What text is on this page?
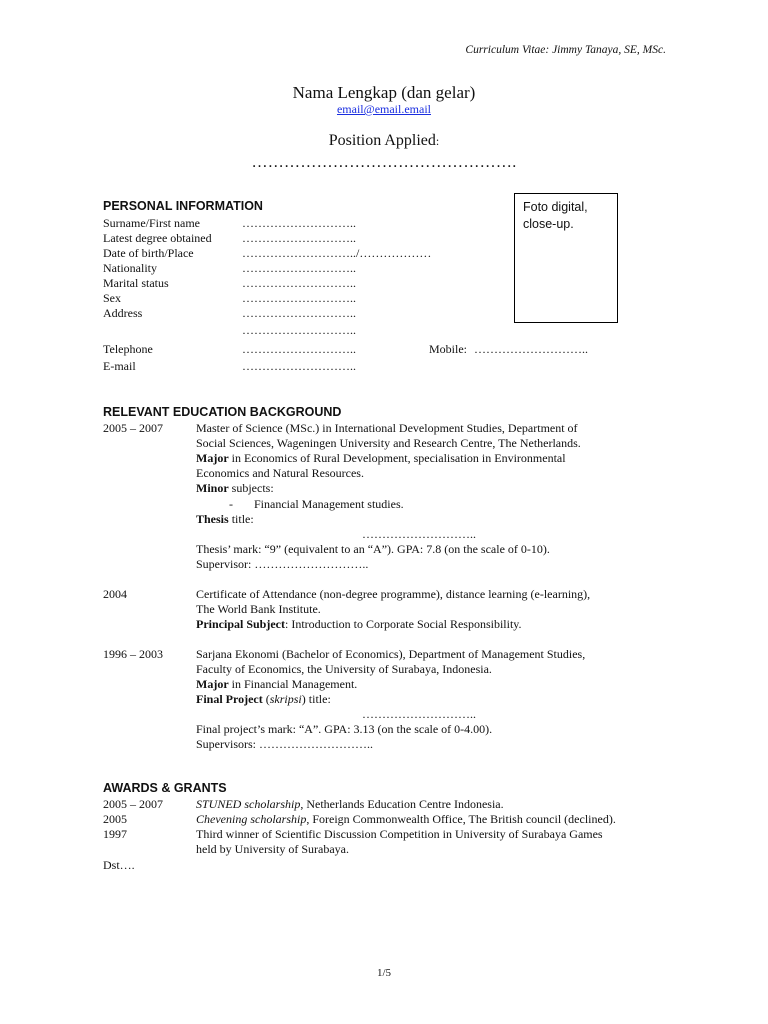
Curriculum Vitae: Jimmy Tanaya, SE, MSc.
Nama Lengkap (dan gelar)
email@email.email
Position Applied:
………………………………………….
PERSONAL INFORMATION	Foto digital,
close-up.
Surname/First name	………………………..
Latest degree obtained	………………………..
Date of birth/Place	………………………../………………
Nationality	………………………..
Marital status	………………………..
Sex	………………………..
Address	………………………..
………………………..
Telephone	………………………..	Mobile: ………………………..
E-mail	………………………..
RELEVANT EDUCATION BACKGROUND
2005 – 2007	Master of Science (MSc.) in International Development Studies, Department of
Social Sciences, Wageningen University and Research Centre, The Netherlands.
Major in Economics of Rural Development, specialisation in Environmental
Economics and Natural Resources.
Minor subjects:
- Financial Management studies.
Thesis title:
………………………..
Thesis’ mark: “9” (equivalent to an “A”). GPA: 7.8 (on the scale of 0-10).
Supervisor: ………………………..
2004	Certificate of Attendance (non-degree programme), distance learning (e-learning),
The World Bank Institute.
Principal Subject: Introduction to Corporate Social Responsibility.
1996 – 2003	Sarjana Ekonomi (Bachelor of Economics), Department of Management Studies,
Faculty of Economics, the University of Surabaya, Indonesia.
Major in Financial Management.
Final Project (skripsi) title:
………………………..
Final project’s mark: “A”. GPA: 3.13 (on the scale of 0-4.00).
Supervisors: ………………………..
AWARDS & GRANTS
2005 – 2007	STUNED scholarship, Netherlands Education Centre Indonesia.
2005	Chevening scholarship, Foreign Commonwealth Office, The British council (declined).
1997	Third winner of Scientific Discussion Competition in University of Surabaya Games
held by University of Surabaya.
Dst….
1/5
